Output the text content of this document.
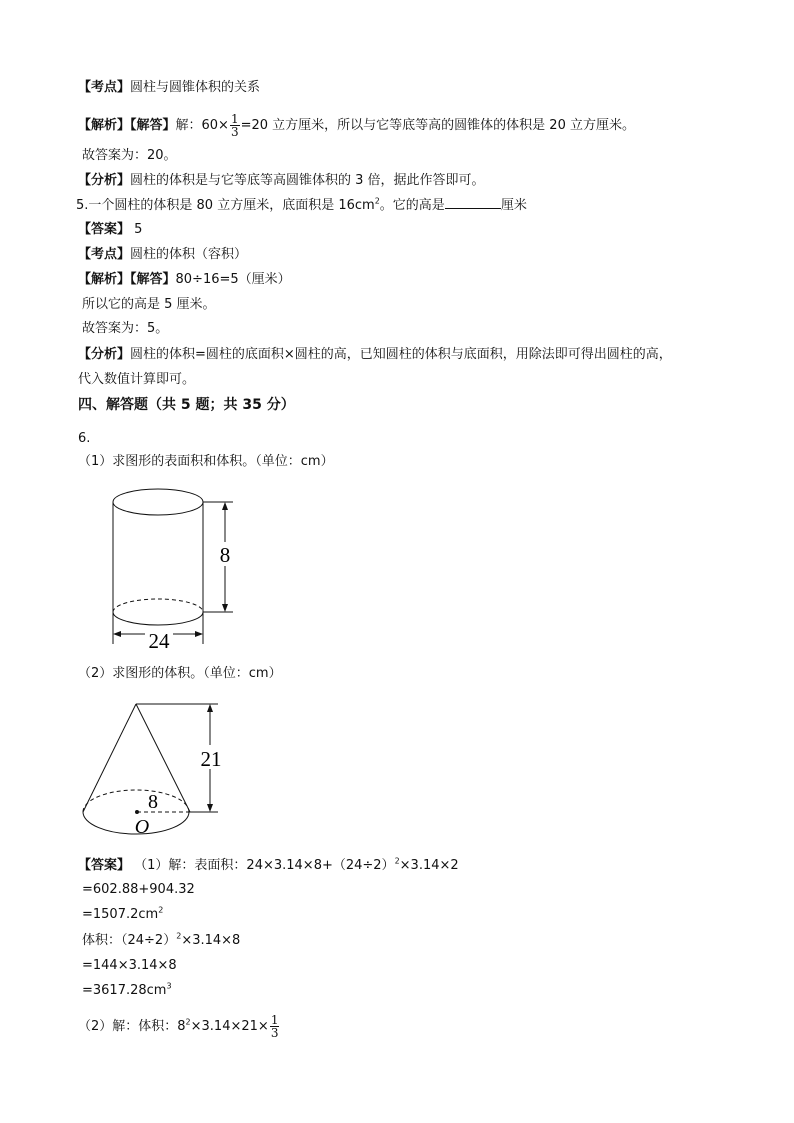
【考点】圆柱与圆锥体积的关系
【解析】【解答】解：$60\times \frac{1}{3} =20$ 立方厘米，所以与它等底等高的圆锥体的体积是 20 立方厘米。
故答案为：20。
【分析】圆柱的体积是与它等底等高圆锥体积的 3 倍，据此作答即可。
5.一个圆柱的体积是 80 立方厘米，底面积是 $16cm^2$。它的高是	厘米
【答案】 5
【考点】圆柱的体积（容积）
【解析】【解答】80÷16=5（厘米）
所以它的高是 5 厘米。
故答案为：5。
【分析】圆柱的体积=圆柱的底面积×圆柱的高，已知圆柱的体积与底面积，用除法即可得出圆柱的高，
代入数值计算即可。
四、解答题（共 5 题；共 35 分）
6.
（1）求图形的表面积和体积。（单位：cm）
8
24
（2）求图形的体积。（单位：cm）
8
O
21
【答案】 （1）解：表面积：$24\times 3.14\times 8+(24\div 2)^2\times 3.14\times 2$
=602.88+904.32
$=1507.2cm^2$
体积：$(24\div 2)^2\times 3.14\times 8$
=144×3.14×8
$=3617.28cm^3$
（2）解：体积：$8^2\times 3.14\times 21\times \frac{1}{3}$
